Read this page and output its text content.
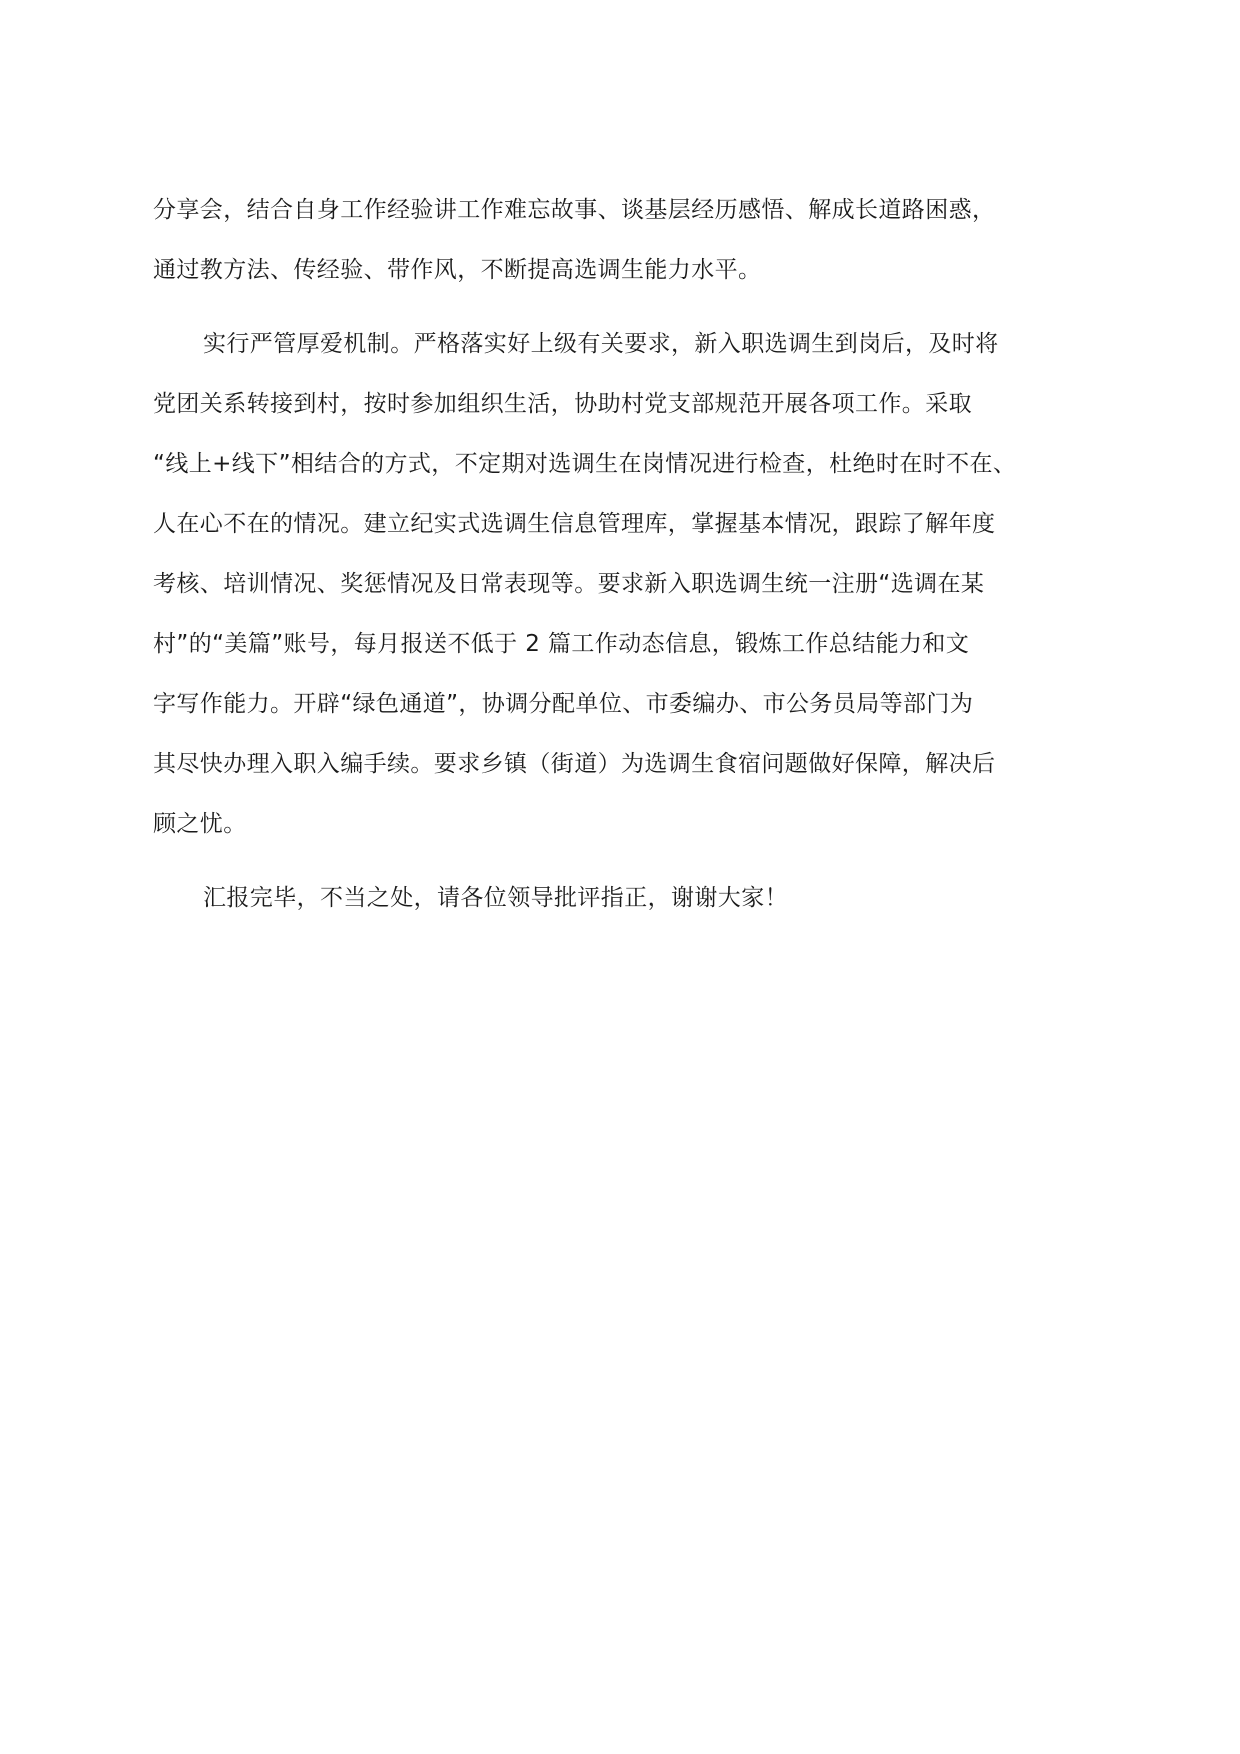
分享会，结合自身工作经验讲工作难忘故事、谈基层经历感悟、解成长道路困惑，
通过教方法、传经验、带作风，不断提高选调生能力水平。
实行严管厚爱机制。严格落实好上级有关要求，新入职选调生到岗后，及时将
党团关系转接到村，按时参加组织生活，协助村党支部规范开展各项工作。采取
“线上+线下”相结合的方式，不定期对选调生在岗情况进行检查，杜绝时在时不在、
人在心不在的情况。建立纪实式选调生信息管理库，掌握基本情况，跟踪了解年度
考核、培训情况、奖惩情况及日常表现等。要求新入职选调生统一注册“选调在某
村”的“美篇”账号，每月报送不低于 2 篇工作动态信息，锻炼工作总结能力和文
字写作能力。开辟“绿色通道”，协调分配单位、市委编办、市公务员局等部门为
其尽快办理入职入编手续。要求乡镇（街道）为选调生食宿问题做好保障，解决后
顾之忧。
汇报完毕，不当之处，请各位领导批评指正，谢谢大家！
